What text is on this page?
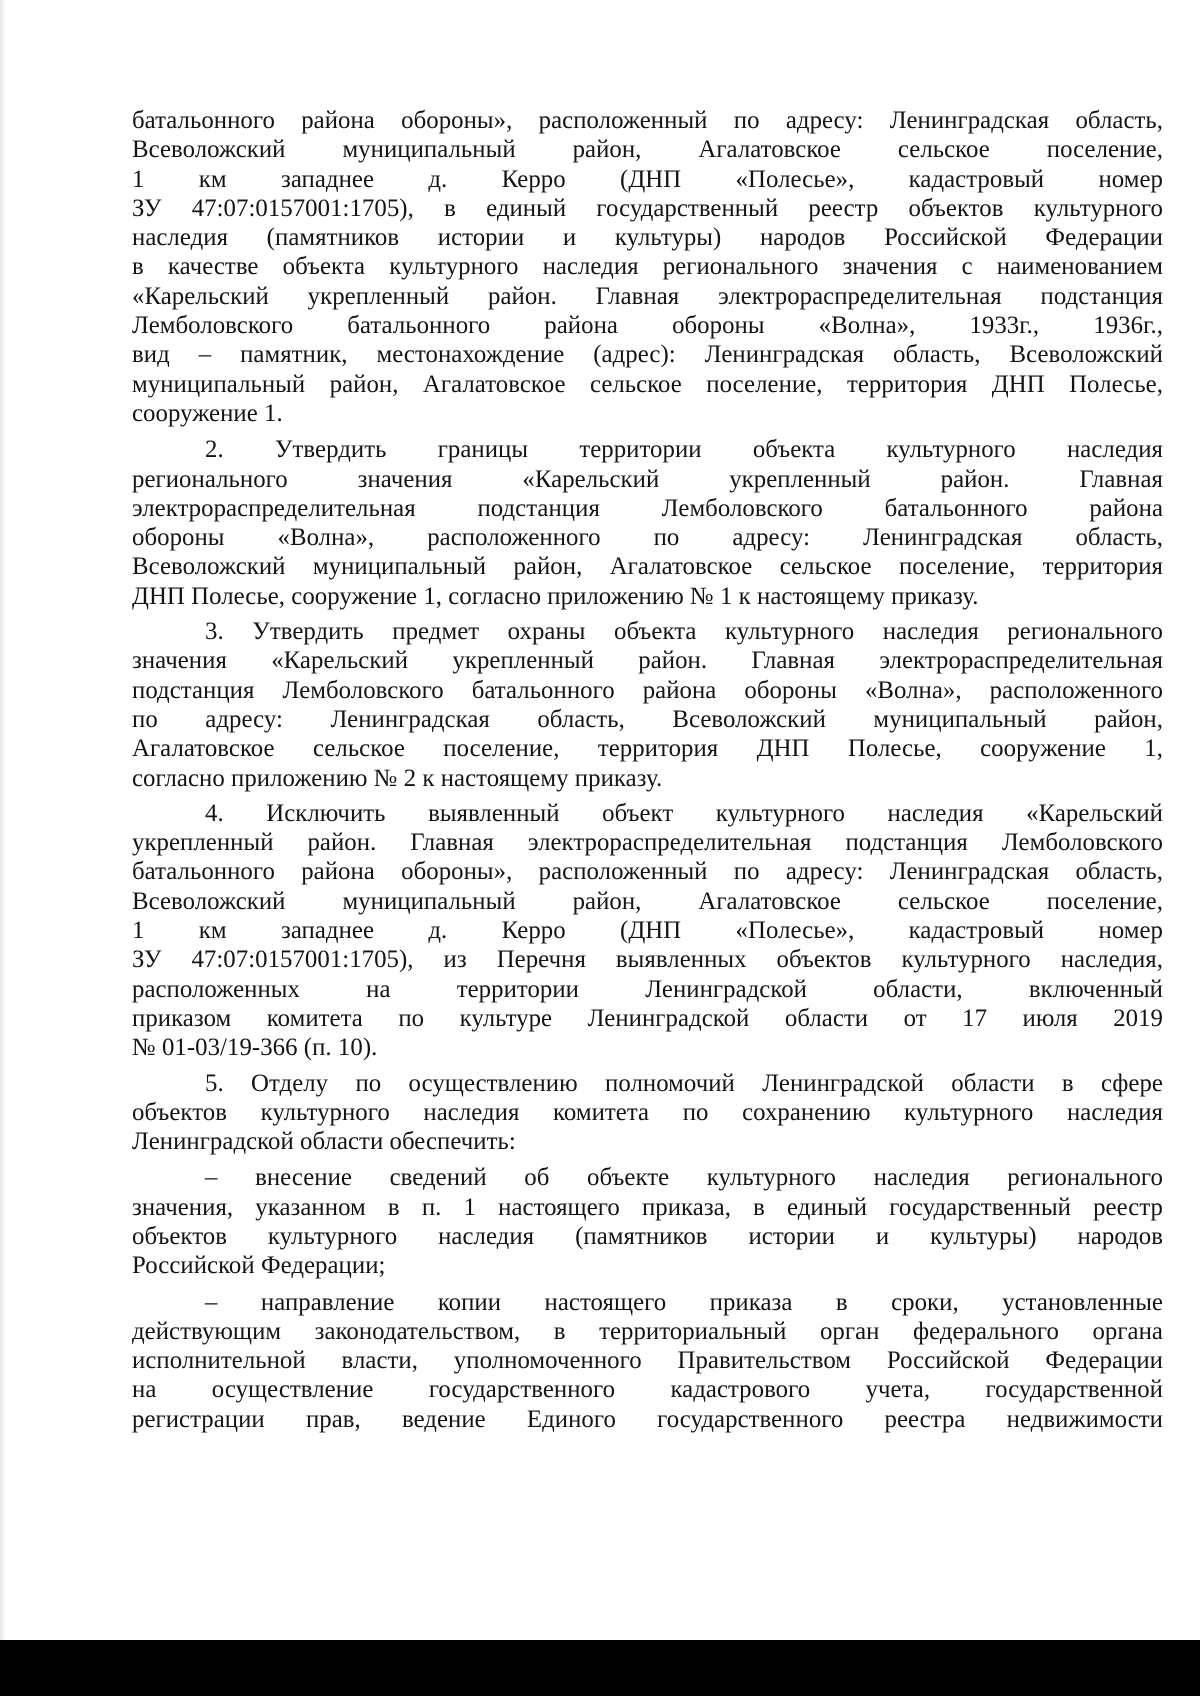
батальонного района обороны», расположенный по адресу: Ленинградская область,
Всеволожский муниципальный район, Агалатовское сельское поселение,
1 км западнее д. Керро (ДНП «Полесье», кадастровый номер
ЗУ 47:07:0157001:1705), в единый государственный реестр объектов культурного
наследия (памятников истории и культуры) народов Российской Федерации
в качестве объекта культурного наследия регионального значения с наименованием
«Карельский укрепленный район. Главная электрораспределительная подстанция
Лемболовского батальонного района обороны «Волна», 1933г., 1936г.,
вид – памятник, местонахождение (адрес): Ленинградская область, Всеволожский
муниципальный район, Агалатовское сельское поселение, территория ДНП Полесье,
сооружение 1.
2. Утвердить границы территории объекта культурного наследия
регионального значения «Карельский укрепленный район. Главная
электрораспределительная подстанция Лемболовского батальонного района
обороны «Волна», расположенного по адресу: Ленинградская область,
Всеволожский муниципальный район, Агалатовское сельское поселение, территория
ДНП Полесье, сооружение 1, согласно приложению № 1 к настоящему приказу.
3. Утвердить предмет охраны объекта культурного наследия регионального
значения «Карельский укрепленный район. Главная электрораспределительная
подстанция Лемболовского батальонного района обороны «Волна», расположенного
по адресу: Ленинградская область, Всеволожский муниципальный район,
Агалатовское сельское поселение, территория ДНП Полесье, сооружение 1,
согласно приложению № 2 к настоящему приказу.
4. Исключить выявленный объект культурного наследия «Карельский
укрепленный район. Главная электрораспределительная подстанция Лемболовского
батальонного района обороны», расположенный по адресу: Ленинградская область,
Всеволожский муниципальный район, Агалатовское сельское поселение,
1 км западнее д. Керро (ДНП «Полесье», кадастровый номер
ЗУ 47:07:0157001:1705), из Перечня выявленных объектов культурного наследия,
расположенных на территории Ленинградской области, включенный
приказом комитета по культуре Ленинградской области от 17 июля 2019
№ 01-03/19-366 (п. 10).
5. Отделу по осуществлению полномочий Ленинградской области в сфере
объектов культурного наследия комитета по сохранению культурного наследия
Ленинградской области обеспечить:
– внесение сведений об объекте культурного наследия регионального
значения, указанном в п. 1 настоящего приказа, в единый государственный реестр
объектов культурного наследия (памятников истории и культуры) народов
Российской Федерации;
– направление копии настоящего приказа в сроки, установленные
действующим законодательством, в территориальный орган федерального органа
исполнительной власти, уполномоченного Правительством Российской Федерации
на осуществление государственного кадастрового учета, государственной
регистрации прав, ведение Единого государственного реестра недвижимости
